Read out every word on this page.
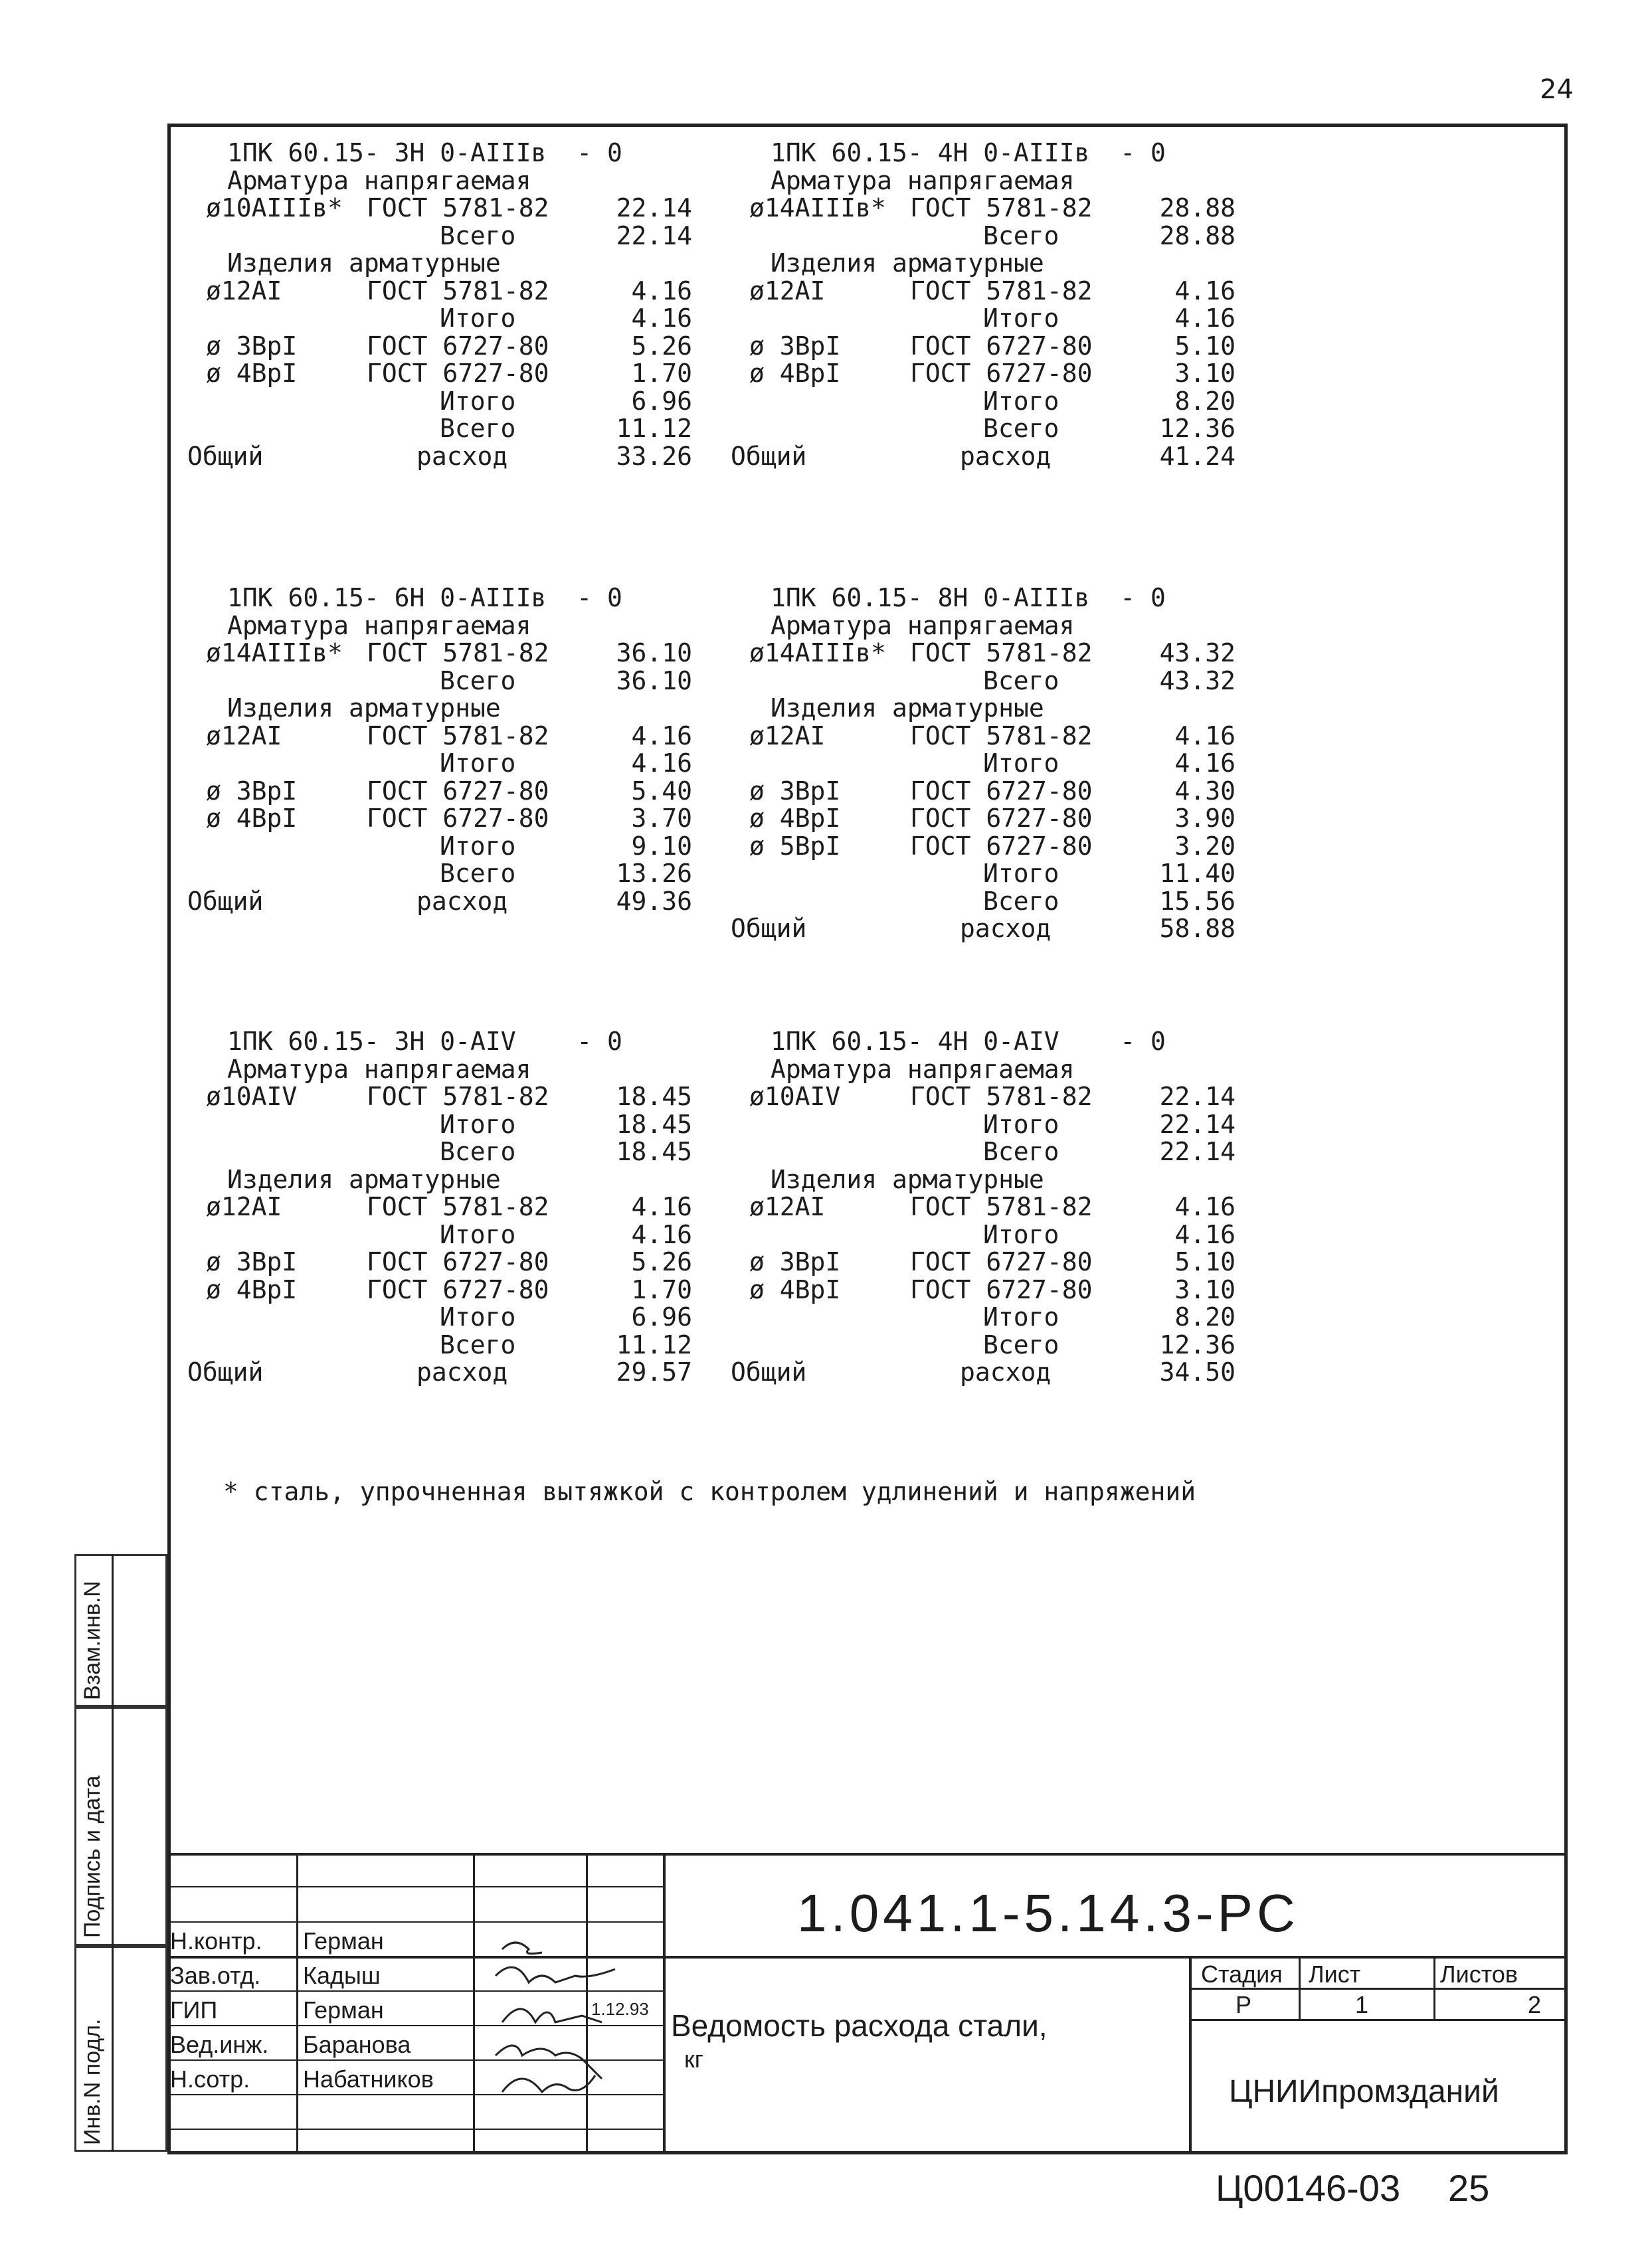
24
1ПК 60.15- 3Н 0-AIIIв  - 0
Арматура напрягаемая
ø10AIIIв* ГОСТ 5781-82	22.14
Всего	22.14
Изделия арматурные
ø12AI	ГОСТ 5781-82	4.16
Итого	4.16
ø 3BpI	ГОСТ 6727-80	5.26
ø 4BpI	ГОСТ 6727-80	1.70
Итого	6.96
Всего	11.12
Общий	расход	33.26
1ПК 60.15- 4Н 0-AIIIв  - 0
Арматура напрягаемая
ø14AIIIв* ГОСТ 5781-82	28.88
Всего	28.88
Изделия арматурные
ø12AI	ГОСТ 5781-82	4.16
Итого	4.16
ø 3BpI	ГОСТ 6727-80	5.10
ø 4BpI	ГОСТ 6727-80	3.10
Итого	8.20
Всего	12.36
Общий	расход	41.24
1ПК 60.15- 6Н 0-AIIIв  - 0
Арматура напрягаемая
ø14AIIIв* ГОСТ 5781-82	36.10
Всего	36.10
Изделия арматурные
ø12AI	ГОСТ 5781-82	4.16
Итого	4.16
ø 3BpI	ГОСТ 6727-80	5.40
ø 4BpI	ГОСТ 6727-80	3.70
Итого	9.10
Всего	13.26
Общий	расход	49.36
1ПК 60.15- 8Н 0-AIIIв  - 0
Арматура напрягаемая
ø14AIIIв* ГОСТ 5781-82	43.32
Всего	43.32
Изделия арматурные
ø12AI	ГОСТ 5781-82	4.16
Итого	4.16
ø 3BpI	ГОСТ 6727-80	4.30
ø 4BpI	ГОСТ 6727-80	3.90
ø 5BpI	ГОСТ 6727-80	3.20
Итого	11.40
Всего	15.56
Общий	расход	58.88
1ПК 60.15- 3Н 0-AIV    - 0
Арматура напрягаемая
ø10AIV	ГОСТ 5781-82	18.45
Итого	18.45
Всего	18.45
Изделия арматурные
ø12AI	ГОСТ 5781-82	4.16
Итого	4.16
ø 3BpI	ГОСТ 6727-80	5.26
ø 4BpI	ГОСТ 6727-80	1.70
Итого	6.96
Всего	11.12
Общий	расход	29.57
1ПК 60.15- 4Н 0-AIV    - 0
Арматура напрягаемая
ø10AIV	ГОСТ 5781-82	22.14
Итого	22.14
Всего	22.14
Изделия арматурные
ø12AI	ГОСТ 5781-82	4.16
Итого	4.16
ø 3BpI	ГОСТ 6727-80	5.10
ø 4BpI	ГОСТ 6727-80	3.10
Итого	8.20
Всего	12.36
Общий	расход	34.50
* сталь, упрочненная вытяжкой с контролем удлинений и напряжений
Взам.инв.N
Подпись и дата
Инв.N подл.
1.041.1-5.14.3-PC
Н.контр. Герман
Зав.отд. Кадыш
ГИП	Герман	1.12.93
Вед.инж. Баранова
Н.сотр. Набатников
Ведомость расхода стали,
кг
Стадия Лист	Листов
Р	1	2
ЦНИИпромзданий
Ц00146-03 25
